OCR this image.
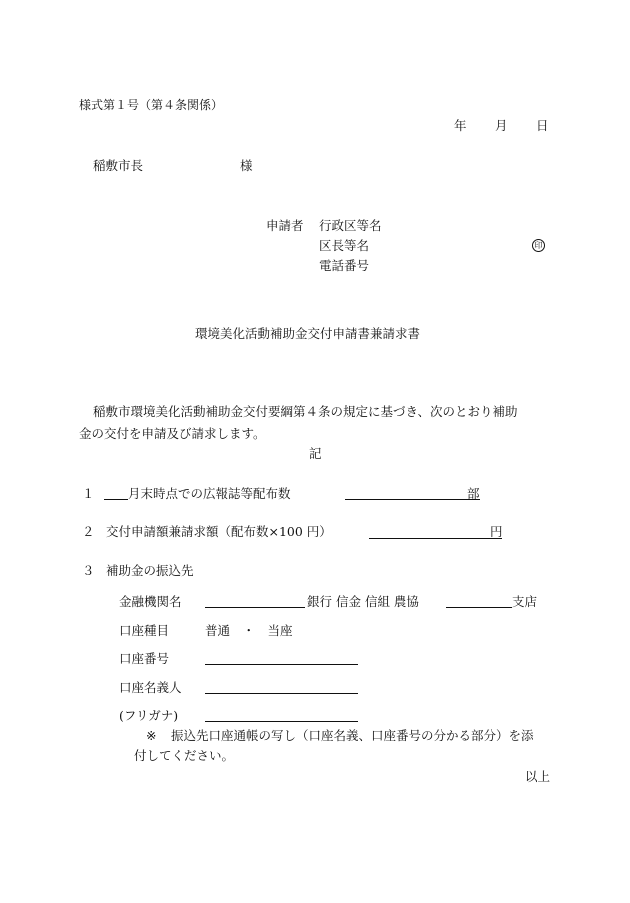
様式第１号（第４条関係）
年 月 日
稲敷市長	様
申請者 行政区等名
区長等名	印
電話番号
環境美化活動補助金交付申請書兼請求書
稲敷市環境美化活動補助金交付要綱第４条の規定に基づき、次のとおり補助
金の交付を申請及び請求します。
記
１	月末時点での広報誌等配布数	部
２ 交付申請額兼請求額（配布数×100 円）	円
３ 補助金の振込先
金融機関名	銀行 信金 信組 農協	支店
口座種目	普通　・　当座
口座番号
口座名義人
(フリガナ)
※ 振込先口座通帳の写し（口座名義、口座番号の分かる部分）を添
付してください。
以上
